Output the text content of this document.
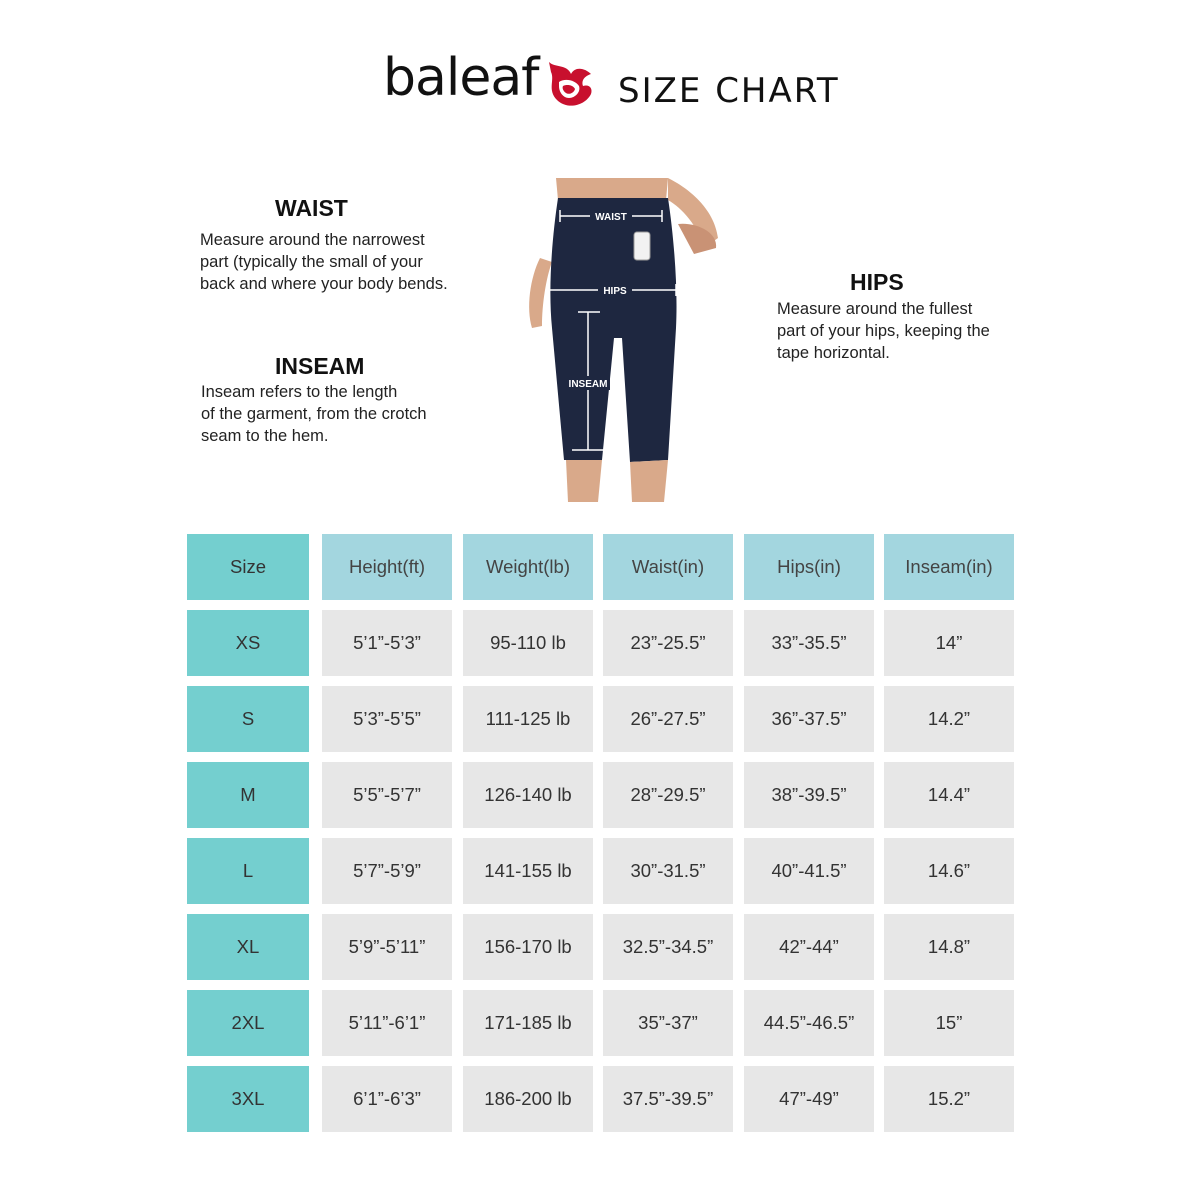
baleaf SIZE CHART
WAIST
Measure around the narrowest
part (typically the small of your
back and where your body bends.
INSEAM
Inseam refers to the length
of the garment, from the crotch
seam to the hem.
HIPS
Measure around the fullest
part of your hips, keeping the
tape horizontal.
WAIST
HIPS
INSEAM
Size	Height(ft)	Weight(lb)	Waist(in)	Hips(in)	Inseam(in)
XS	5’1”-5’3”	95-110 lb	23”-25.5”	33”-35.5”	14”
S	5’3”-5’5”	111-125 lb	26”-27.5”	36”-37.5”	14.2”
M	5’5”-5’7”	126-140 lb	28”-29.5”	38”-39.5”	14.4”
L	5’7”-5’9”	141-155 lb	30”-31.5”	40”-41.5”	14.6”
XL	5’9”-5’11”	156-170 lb	32.5”-34.5”	42”-44”	14.8”
2XL	5’11”-6’1”	171-185 lb	35”-37”	44.5”-46.5”	15”
3XL	6’1”-6’3”	186-200 lb	37.5”-39.5”	47”-49”	15.2”
